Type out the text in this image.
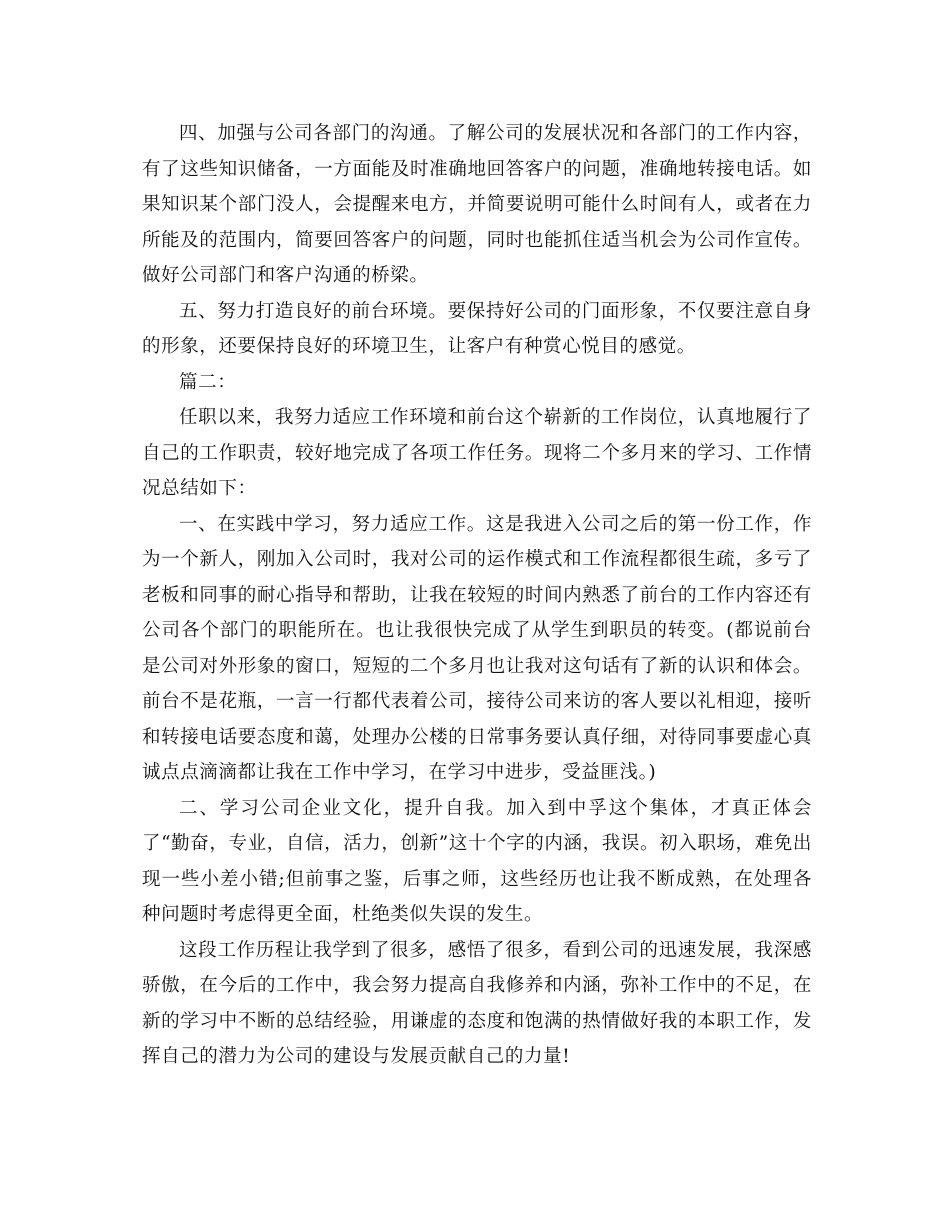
四、加强与公司各部门的沟通。了解公司的发展状况和各部门的工作内容，有了这些知识储备，一方面能及时准确地回答客户的问题，准确地转接电话。如果知识某个部门没人，会提醒来电方，并简要说明可能什么时间有人，或者在力所能及的范围内，简要回答客户的问题，同时也能抓住适当机会为公司作宣传。做好公司部门和客户沟通的桥梁。

五、努力打造良好的前台环境。要保持好公司的门面形象，不仅要注意自身的形象，还要保持良好的环境卫生，让客户有种赏心悦目的感觉。

篇二：

任职以来，我努力适应工作环境和前台这个崭新的工作岗位，认真地履行了自己的工作职责，较好地完成了各项工作任务。现将二个多月来的学习、工作情况总结如下：

一、在实践中学习，努力适应工作。这是我进入公司之后的第一份工作，作为一个新人，刚加入公司时，我对公司的运作模式和工作流程都很生疏，多亏了老板和同事的耐心指导和帮助，让我在较短的时间内熟悉了前台的工作内容还有公司各个部门的职能所在。也让我很快完成了从学生到职员的转变。(都说前台是公司对外形象的窗口，短短的二个多月也让我对这句话有了新的认识和体会。前台不是花瓶，一言一行都代表着公司，接待公司来访的客人要以礼相迎，接听和转接电话要态度和蔼，处理办公楼的日常事务要认真仔细，对待同事要虚心真诚点点滴滴都让我在工作中学习，在学习中进步，受益匪浅。)

二、学习公司企业文化，提升自我。加入到中孚这个集体，才真正体会了“勤奋，专业，自信，活力，创新”这十个字的内涵，我误。初入职场，难免出现一些小差小错;但前事之鉴，后事之师，这些经历也让我不断成熟，在处理各种问题时考虑得更全面，杜绝类似失误的发生。

这段工作历程让我学到了很多，感悟了很多，看到公司的迅速发展，我深感骄傲，在今后的工作中，我会努力提高自我修养和内涵，弥补工作中的不足，在新的学习中不断的总结经验，用谦虚的态度和饱满的热情做好我的本职工作，发挥自己的潜力为公司的建设与发展贡献自己的力量!
